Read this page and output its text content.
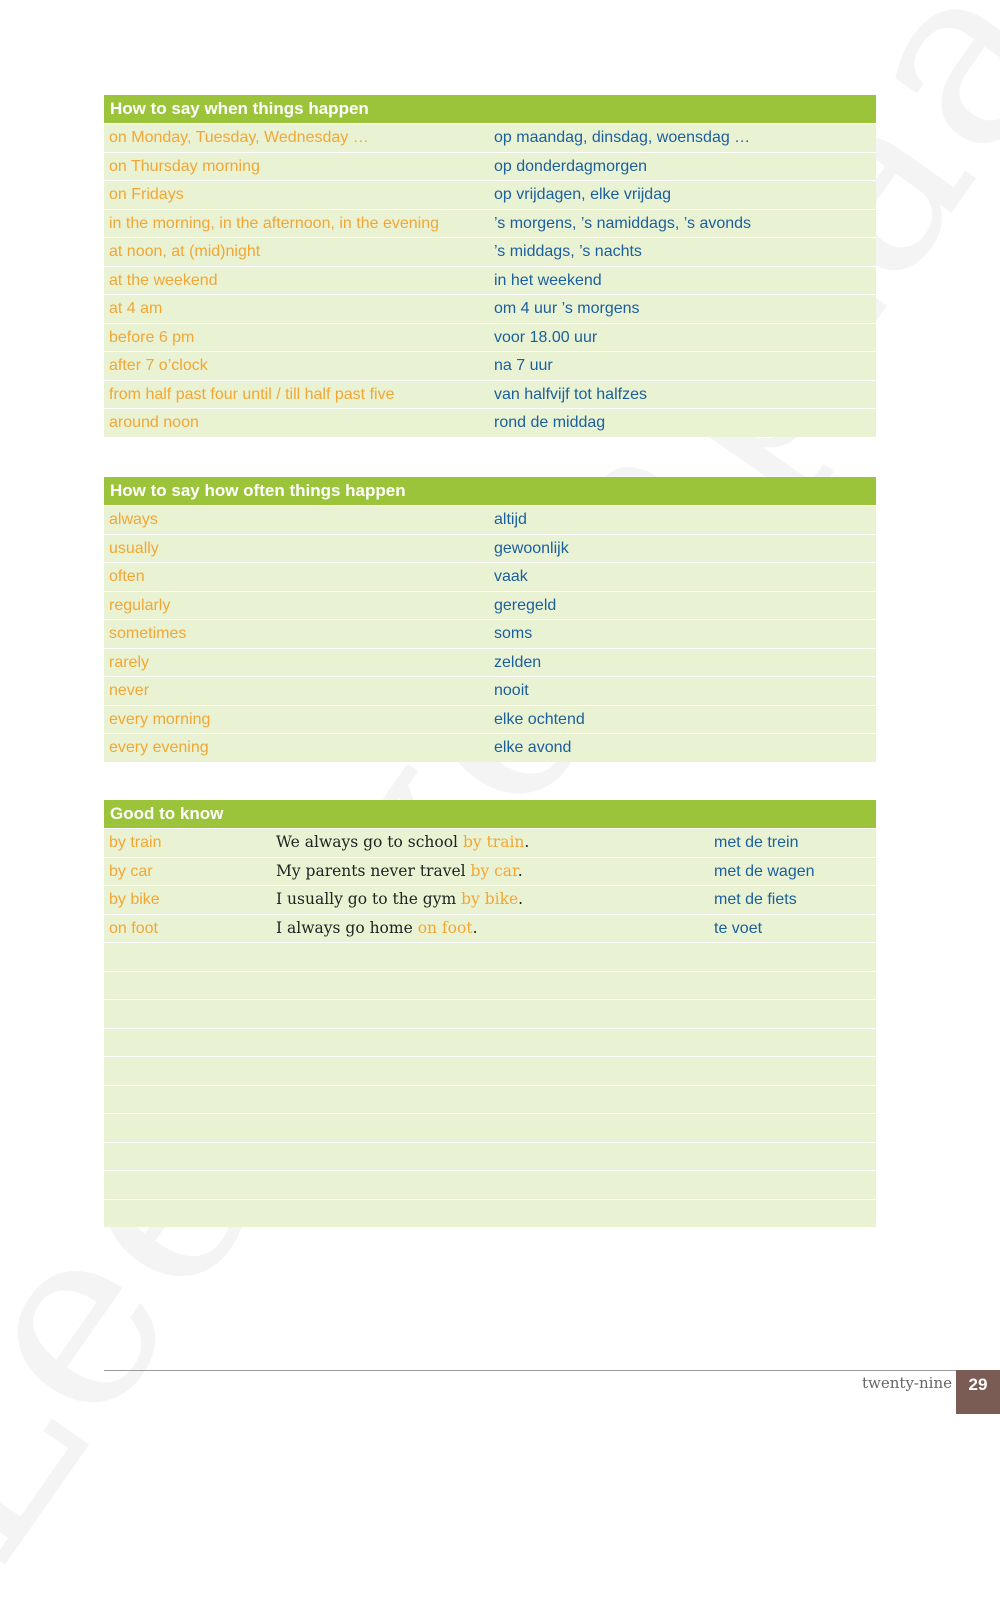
How to say when things happen
on Monday, Tuesday, Wednesday …	op maandag, dinsdag, woensdag …
on Thursday morning	op donderdagmorgen
on Fridays	op vrijdagen, elke vrijdag
in the morning, in the afternoon, in the evening	’s morgens, ’s namiddags, ’s avonds
at noon, at (mid)night	’s middags, ’s nachts
at the weekend	in het weekend
at 4 am	om 4 uur ’s morgens
before 6 pm	voor 18.00 uur
after 7 o’clock	na 7 uur
from half past four until / till half past five	van halfvijf tot halfzes
around noon	rond de middag
How to say how often things happen
always	altijd
usually	gewoonlijk
often	vaak
regularly	geregeld
sometimes	soms
rarely	zelden
never	nooit
every morning	elke ochtend
every evening	elke avond
Good to know
by train	We always go to school by train.	met de trein
by car	My parents never travel by car.	met de wagen
by bike	I usually go to the gym by bike.	met de fiets
on foot	I always go home on foot.	te voet
twenty-nine 29
